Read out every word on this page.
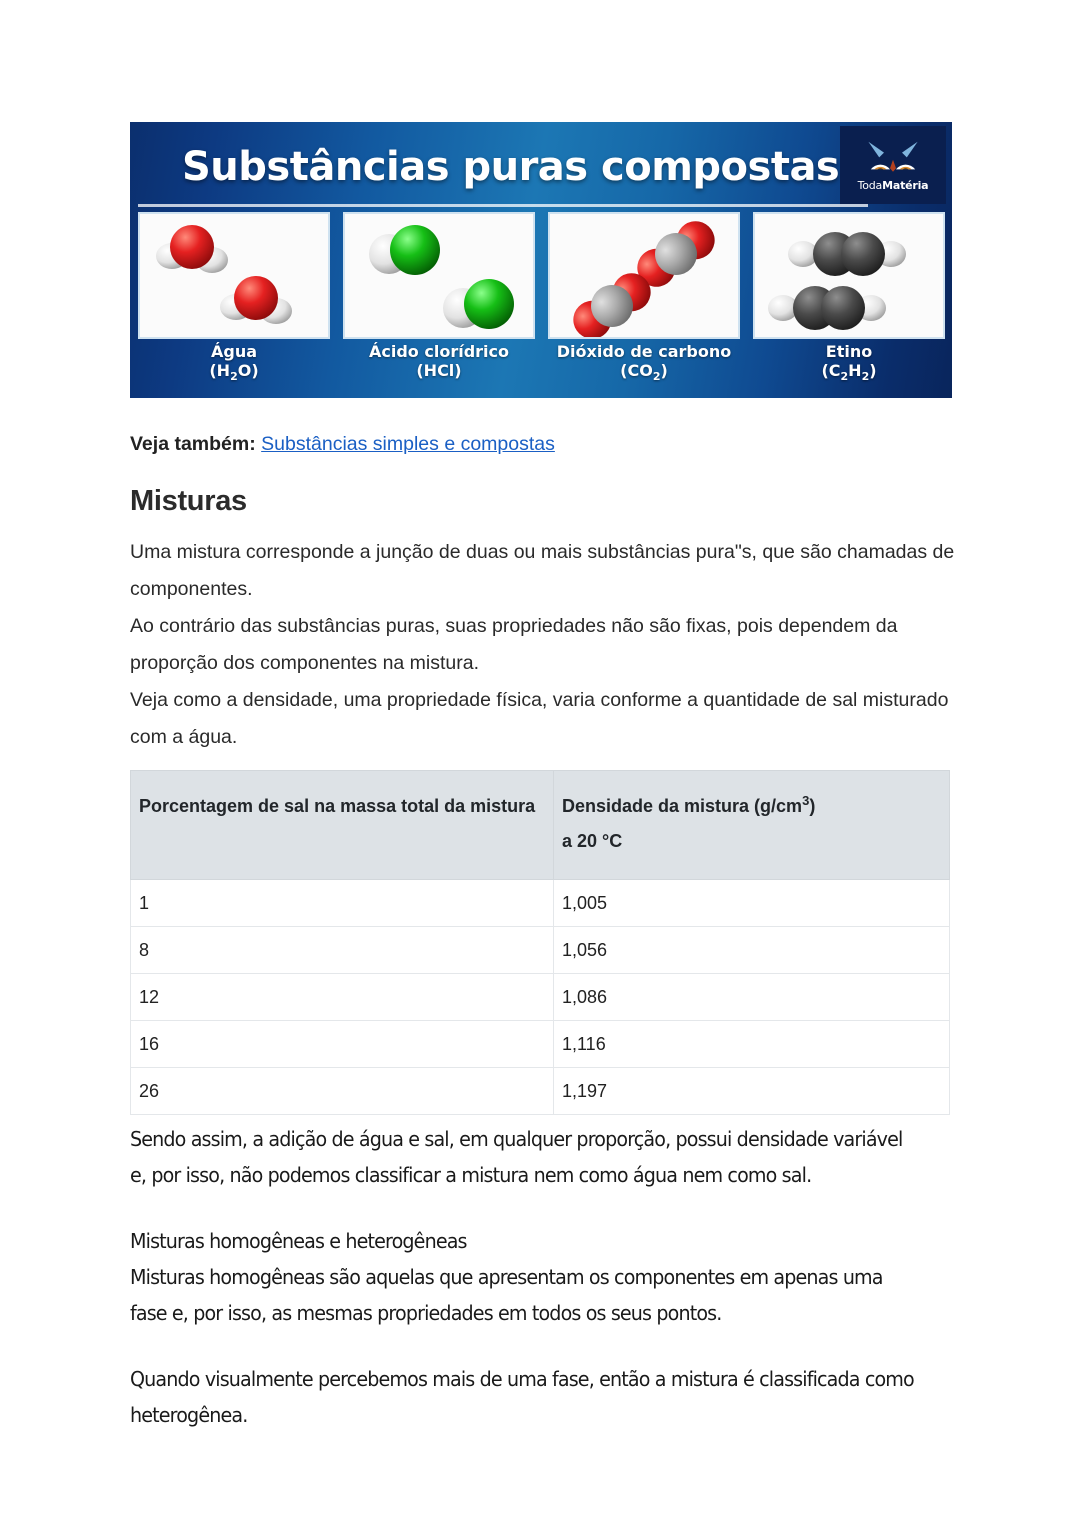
Substâncias puras compostas TodaMatéria
Água
$(H_2O)$
Ácido clorídrico
(HCl)
Dióxido de carbono
$(CO_2)$
Etino
$(C_2H_2)$
Veja também: Substâncias simples e compostas
Misturas

Uma mistura corresponde a junção de duas ou mais substâncias pura"s, que são chamadas de componentes.

Ao contrário das substâncias puras, suas propriedades não são fixas, pois dependem da proporção dos componentes na mistura.

Veja como a densidade, uma propriedade física, varia conforme a quantidade de sal misturado com a água.

Porcentagem de sal na massa total da mistura	Densidade da mistura $(g/cm^3)$
a 20 °C
1	1,005
8	1,056
12	1,086
16	1,116
26	1,197

Sendo assim, a adição de água e sal, em qualquer proporção, possui densidade variável e, por isso, não podemos classificar a mistura nem como água nem como sal.

Misturas homogêneas e heterogêneas

Misturas homogêneas são aquelas que apresentam os componentes em apenas uma fase e, por isso, as mesmas propriedades em todos os seus pontos.

Quando visualmente percebemos mais de uma fase, então a mistura é classificada como heterogênea.
